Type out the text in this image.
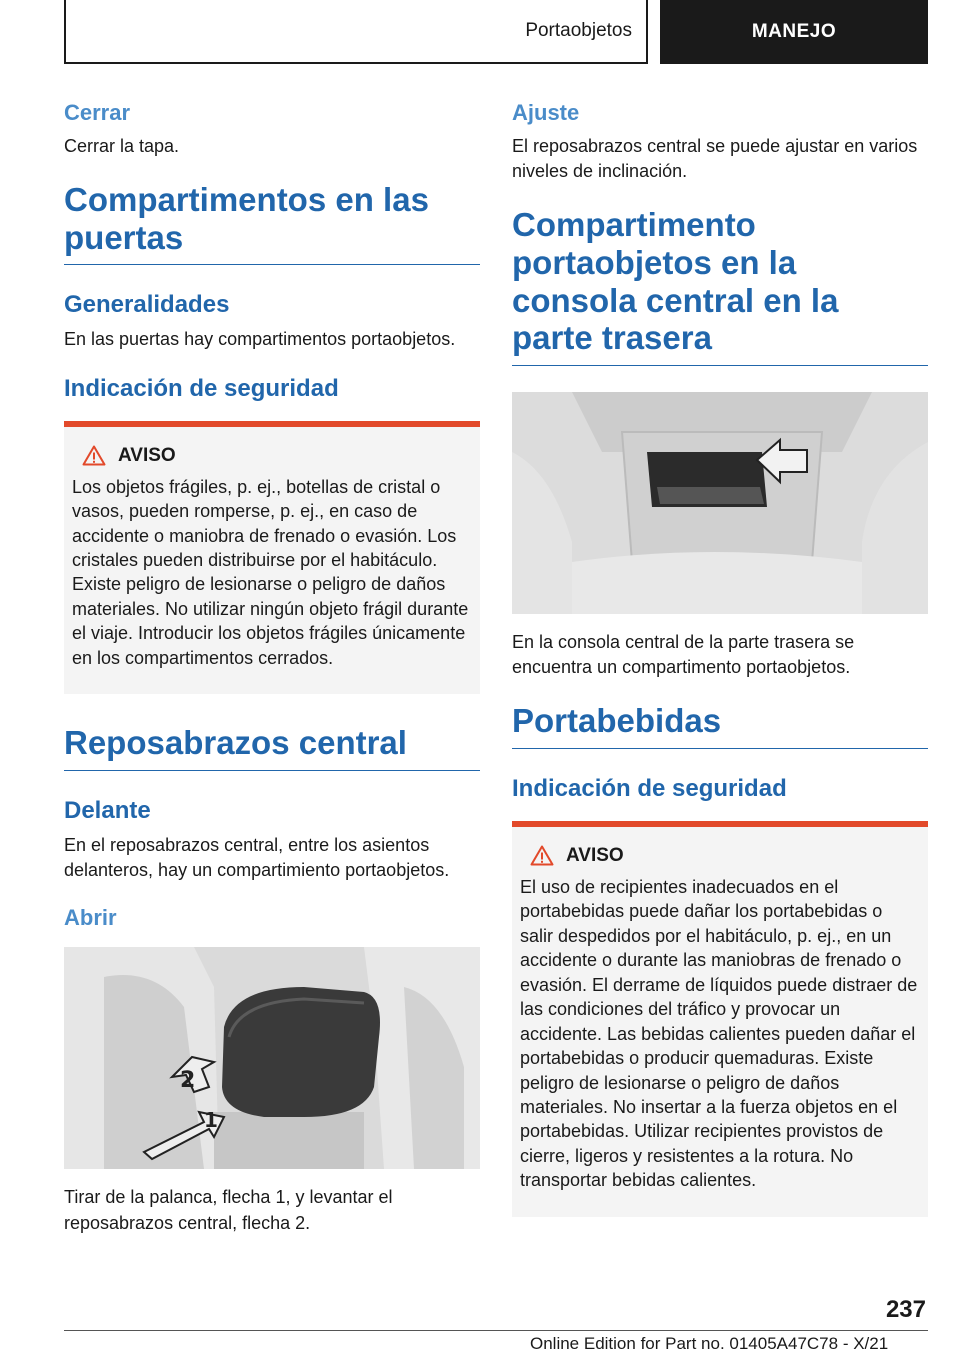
Portaobjetos	MANEJO
Cerrar
Cerrar la tapa.
Compartimentos en las puertas
Generalidades
En las puertas hay compartimentos portaobjetos.
Indicación de seguridad
AVISO
Los objetos frágiles, p. ej., botellas de cristal o vasos, pueden romperse, p. ej., en caso de accidente o maniobra de frenado o evasión. Los cristales pueden distribuirse por el habitáculo. Existe peligro de lesionarse o peligro de daños materiales. No utilizar ningún objeto frágil durante el viaje. Introducir los objetos frágiles únicamente en los compartimentos cerrados.
Reposabrazos central
Delante
En el reposabrazos central, entre los asientos delanteros, hay un compartimiento portaobjetos.
Abrir
2
1
Tirar de la palanca, flecha 1, y levantar el reposabrazos central, flecha 2.
Ajuste
El reposabrazos central se puede ajustar en varios niveles de inclinación.
Compartimento portaobjetos en la consola central en la parte trasera
En la consola central de la parte trasera se encuentra un compartimento portaobjetos.
Portabebidas
Indicación de seguridad
AVISO
El uso de recipientes inadecuados en el portabebidas puede dañar los portabebidas o salir despedidos por el habitáculo, p. ej., en un accidente o durante las maniobras de frenado o evasión. El derrame de líquidos puede distraer de las condiciones del tráfico y provocar un accidente. Las bebidas calientes pueden dañar el portabebidas o producir quemaduras. Existe peligro de lesionarse o peligro de daños materiales. No insertar a la fuerza objetos en el portabebidas. Utilizar recipientes provistos de cierre, ligeros y resistentes a la rotura. No transportar bebidas calientes.
237
Online Edition for Part no. 01405A47C78 - X/21
